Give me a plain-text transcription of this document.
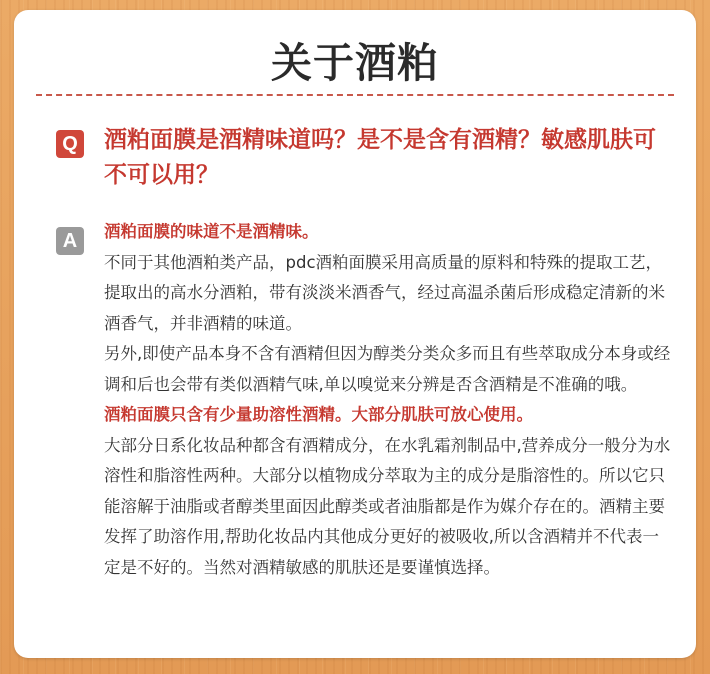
关于酒粕
Q 酒粕面膜是酒精味道吗？是不是含有酒精？敏感肌肤可不可以用？
A	酒粕面膜的味道不是酒精味。

不同于其他酒粕类产品，pdc酒粕面膜采用高质量的原料和特殊的提取工艺，提取出的高水分酒粕，带有淡淡米酒香气，经过高温杀菌后形成稳定清新的米酒香气，并非酒精的味道。

另外,即使产品本身不含有酒精但因为醇类分类众多而且有些萃取成分本身或经调和后也会带有类似酒精气味,单以嗅觉来分辨是否含酒精是不准确的哦。

酒粕面膜只含有少量助溶性酒精。大部分肌肤可放心使用。

大部分日系化妆品种都含有酒精成分，在水乳霜剂制品中,营养成分一般分为水溶性和脂溶性两种。大部分以植物成分萃取为主的成分是脂溶性的。所以它只能溶解于油脂或者醇类里面因此醇类或者油脂都是作为媒介存在的。酒精主要发挥了助溶作用,帮助化妆品内其他成分更好的被吸收,所以含酒精并不代表一定是不好的。当然对酒精敏感的肌肤还是要谨慎选择。
